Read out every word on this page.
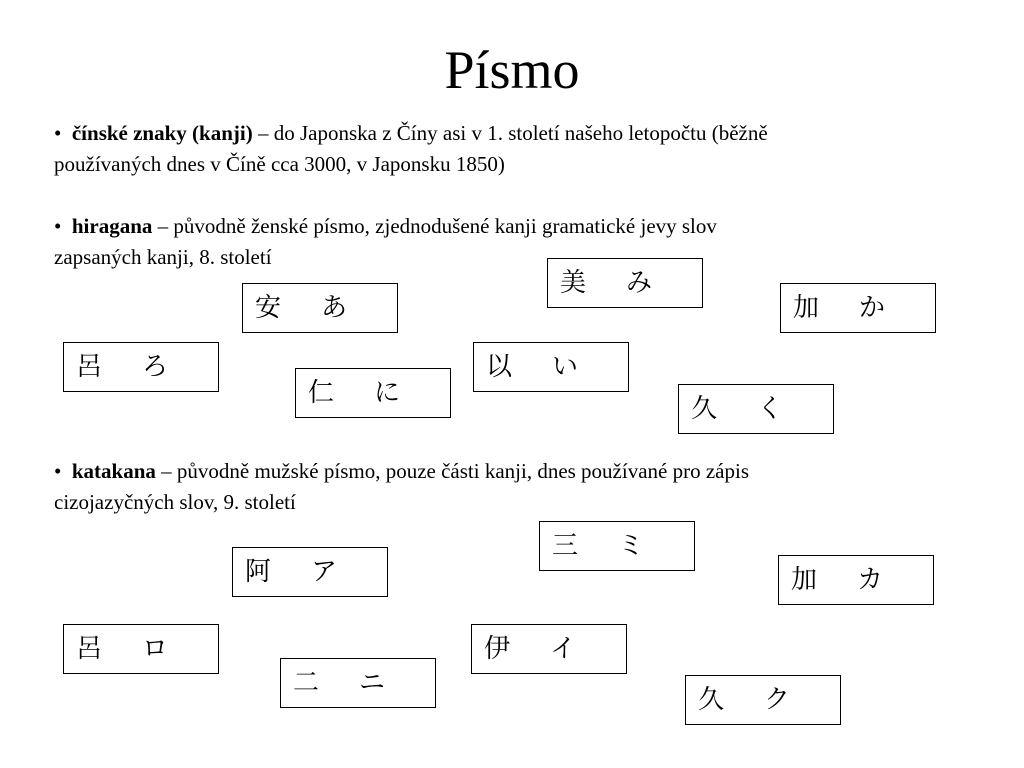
Písmo
• čínské znaky (kanji) – do Japonska z Číny asi v 1. století našeho letopočtu (běžně
používaných dnes v Číně cca 3000, v Japonsku 1850)
• hiragana – původně ženské písmo, zjednodušené kanji gramatické jevy slov
zapsaných kanji, 8. století
• katakana – původně mužské písmo, pouze části kanji, dnes používané pro zápis
cizojazyčných slov, 9. století
美 み
安 あ	加 か
呂 ろ	以 い
仁 に
久 く
三 ミ
阿 ア	加 カ
呂 ロ	伊 イ
二 ニ
久 ク
